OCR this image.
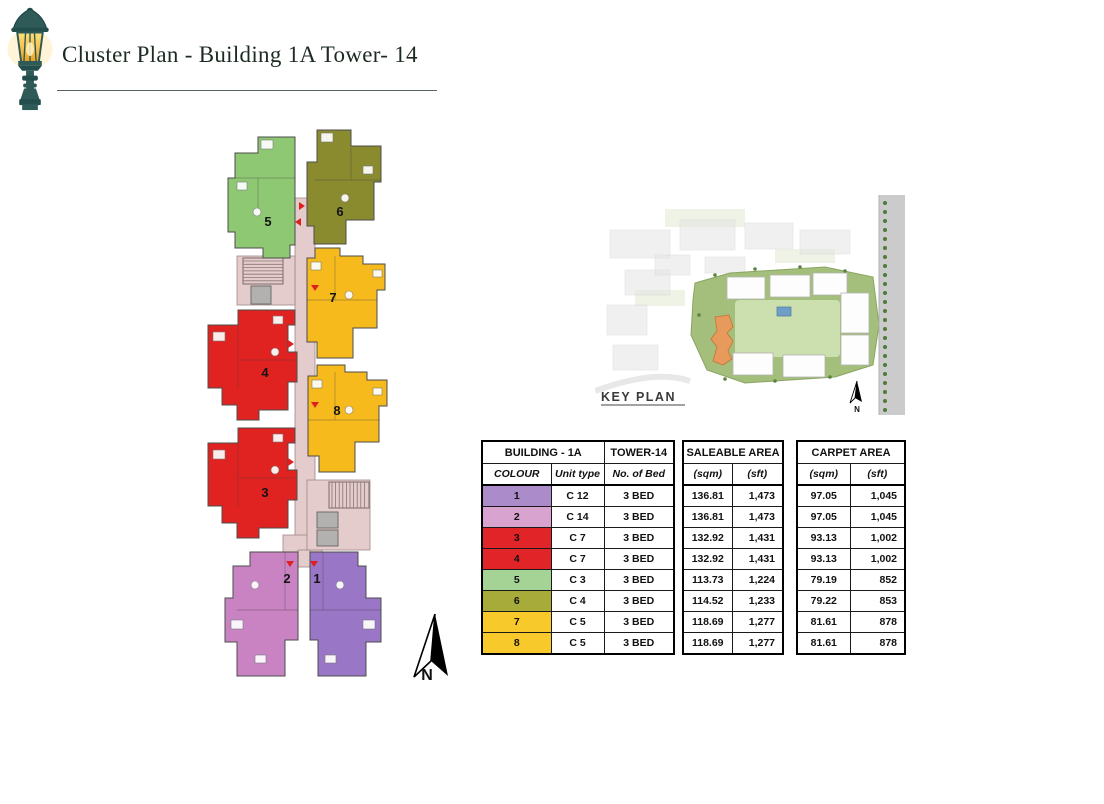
Cluster Plan - Building 1A Tower- 14
5
6
7
4
8
3
2 1
N
KEY PLAN
N
BUILDING - 1A		TOWER-14
COLOUR	Unit type	No. of Bed
1	C 12	3 BED
2	C 14	3 BED
3	C 7	3 BED
4	C 7	3 BED
5	C 3	3 BED
6	C 4	3 BED
7	C 5	3 BED
8	C 5	3 BED
SALEABLE AREA	
(sqm)	(sft)
136.81	1,473
136.81	1,473
132.92	1,431
132.92	1,431
113.73	1,224
114.52	1,233
118.69	1,277
118.69	1,277
CARPET AREA	
(sqm)	(sft)
97.05	1,045
97.05	1,045
93.13	1,002
93.13	1,002
79.19	852
79.22	853
81.61	878
81.61	878
